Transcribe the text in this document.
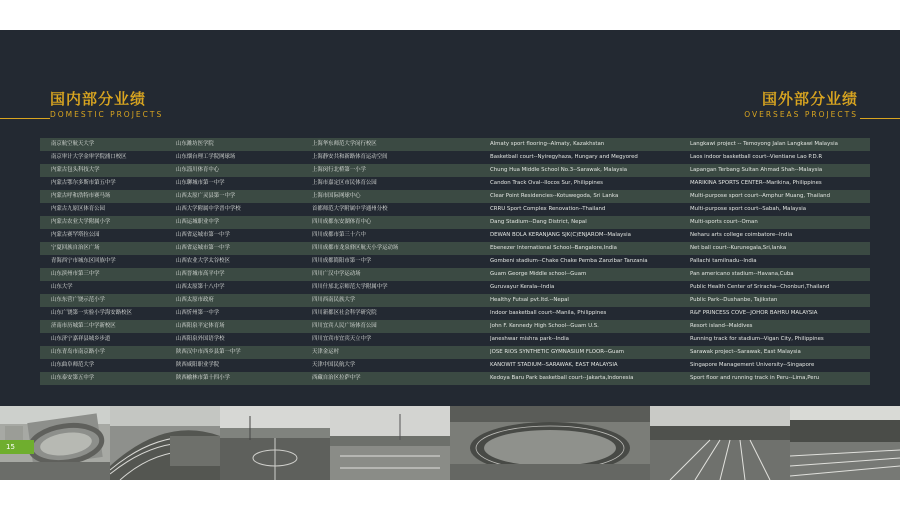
国内部分业绩
DOMESTIC PROJECTS
国外部分业绩
OVERSEAS PROJECTS
南京航空航天大学	山东潍坊医学院	上海华东师范大学闵行校区	Almaty sport flooring--Almaty, Kazakhstan	Langkawi project -- Temoyong Jalan Langkawi Malaysia
南京审计大学金审学院浦口校区	山东烟台理工学院网球场	上海静安共和新路体育运动空间	Basketball court--Nyiregyhaza, Hungary and Megyored	Laos indoor basketball court--Vientiane Lao P.D.R
内蒙古包头科技大学	山东淄川体育中心	上海闵行北桥第一小学	Chung Hua Middle School No.3--Sarawak, Malaysia	Lapangan Terbang Sultan Ahmad Shah--Malaysia
内蒙古鄂尔多斯市第五中学	山东聊城市第一中学	上海市嘉定区市民体育公园	Candon Track Oval--Ilocos Sur, Philippines	MARIKINA SPORTS CENTER--Marikina, Philippines
内蒙古呼和浩特市赛马场	山西太原广灵县第一中学	上海市国际网球中心	Clear Point Residencies--Kotuwegoda, Sri Lanka	Multi-purpose sport court--Amphur Muang, Thailand
内蒙古九原区体育公园	山西大学附属中学晋中学校	首都师范大学附属中学通州分校	CRRU Sport Complex Renovation--Thailand	Multi-purpose sport court--Sabah, Malaysia
内蒙古农业大学附属小学	山西运城职业中学	四川成都东安湖体育中心	Dang Stadium--Dang District, Nepal	Multi-sports court--Oman
内蒙古赛罕塔拉公园	山西省运城市第一中学	四川成都市第三十六中	DEWAN BOLA KERANJANG SJK(C)ENJAROM--Malaysia	Neharu arts college coimbatore--India
宁夏回族自治区广场	山西省运城市第一中学	四川成都市龙泉驿区航天小学运动场	Ebenezer International School--Bangalore,India	Net ball court--Kurunegala,Sri,lanka
青海西宁市城东区回族中学	山西农业大学太谷校区	四川成都简阳市第一中学	Gombeni stadium--Chake Chake Pemba Zanzibar Tanzania	Pallachi tamilnadu--India
山东滨州市第三中学	山西晋城市高平中学	四川广汉中学运动场	Guam George Middle school--Guam	Pan americano stadium--Havana,Cuba
山东大学	山西太原第十八中学	四川什邡北京师范大学附属中学	Guruvayur Kerala--India	Public Health Center of Sriracha--Chonburi,Thailand
山东东营广饶示范小学	山西太原市政府	四川西南民族大学	Healthy Futsal pvt.ltd.--Nepal	Public Park--Dushanbe, Tajikstan
山东广饶第一实验小学海安路校区	山西忻州第一中学	四川新都区社会科学研究院	Indoor basketball court--Manila, Philippines	R&F PRINCESS COVE--JOHOR BAHRU MALAYSIA
济南市历城第二中学新校区	山西阳泉平定体育场	四川宜宾人民广场体育公园	John F. Kennedy High School--Guam U.S.	Resort island--Maldives
山东济宁嘉祥县城乡步道	山西阳泉外国语学校	四川宜宾市宜宾天立中学	Janeshwar mishra park--India	Running track for stadium--Vigan City, Philippines
山东青岛市南京路小学	陕西汉中市西乡县第一中学	天津金运村	JOSE RIOS SYNTHETIC GYMNASIUM FLOOR--Guam	Sarawak project--Sarawak, East Malaysia
山东曲阜师范大学	陕西咸阳职业学院	天津中国民航大学	KANOWIT STADIUM--SARAWAK, EAST MALAYSIA	Singapore Management University--Singapore
山东泰安第五中学	陕西榆林市第十四小学	西藏自治区拉萨中学	Kedoya Baru Park basketball court--Jakarta,Indonesia	Sport floor and running track in Peru--Lima,Peru
15
